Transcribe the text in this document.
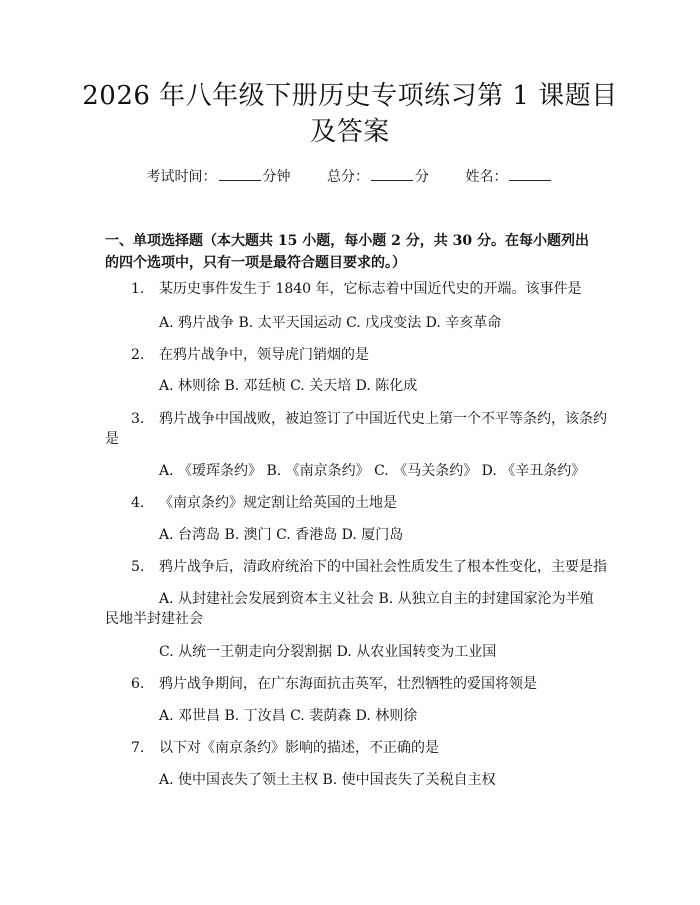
2026 年八年级下册历史专项练习第 1 课题目
及答案
考试时间：	分钟	总分：	分	姓名：
一、单项选择题（本大题共 15 小题，每小题 2 分，共 30 分。在每小题列出的四个选项中，只有一项是最符合题目要求的。）
1. 某历史事件发生于 1840 年，它标志着中国近代史的开端。该事件是
A. 鸦片战争 B. 太平天国运动 C. 戊戌变法 D. 辛亥革命
2. 在鸦片战争中，领导虎门销烟的是
A. 林则徐 B. 邓廷桢 C. 关天培 D. 陈化成
3. 鸦片战争中国战败，被迫签订了中国近代史上第一个不平等条约，该条约
是
A. 《瑷珲条约》 B. 《南京条约》 C. 《马关条约》 D. 《辛丑条约》
4. 《南京条约》规定割让给英国的土地是
A. 台湾岛 B. 澳门 C. 香港岛 D. 厦门岛
5. 鸦片战争后，清政府统治下的中国社会性质发生了根本性变化，主要是指
A. 从封建社会发展到资本主义社会 B. 从独立自主的封建国家沦为半殖
民地半封建社会
C. 从统一王朝走向分裂割据 D. 从农业国转变为工业国
6. 鸦片战争期间，在广东海面抗击英军，壮烈牺牲的爱国将领是
A. 邓世昌 B. 丁汝昌 C. 裴荫森 D. 林则徐
7. 以下对《南京条约》影响的描述，不正确的是
A. 使中国丧失了领土主权 B. 使中国丧失了关税自主权
